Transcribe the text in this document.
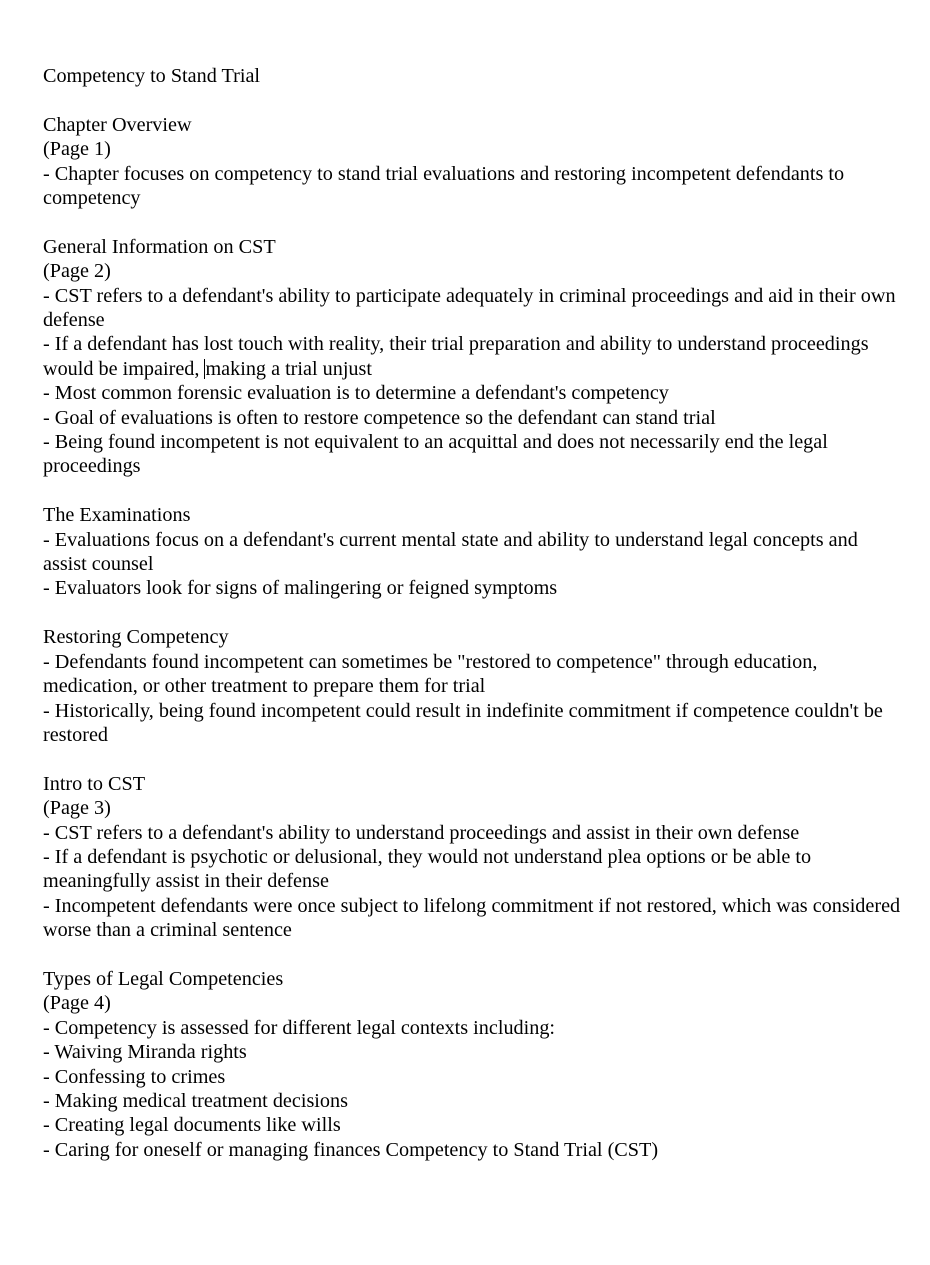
Competency to Stand Trial
Chapter Overview
(Page 1)
- Chapter focuses on competency to stand trial evaluations and restoring incompetent defendants to competency
General Information on CST
(Page 2)
- CST refers to a defendant's ability to participate adequately in criminal proceedings and aid in their own defense
- If a defendant has lost touch with reality, their trial preparation and ability to understand proceedings would be impaired, making a trial unjust
- Most common forensic evaluation is to determine a defendant's competency
- Goal of evaluations is often to restore competence so the defendant can stand trial
- Being found incompetent is not equivalent to an acquittal and does not necessarily end the legal proceedings
The Examinations
- Evaluations focus on a defendant's current mental state and ability to understand legal concepts and assist counsel
- Evaluators look for signs of malingering or feigned symptoms
Restoring Competency
- Defendants found incompetent can sometimes be "restored to competence" through education, medication, or other treatment to prepare them for trial
- Historically, being found incompetent could result in indefinite commitment if competence couldn't be restored
Intro to CST
(Page 3)
- CST refers to a defendant's ability to understand proceedings and assist in their own defense
- If a defendant is psychotic or delusional, they would not understand plea options or be able to meaningfully assist in their defense
- Incompetent defendants were once subject to lifelong commitment if not restored, which was considered worse than a criminal sentence
Types of Legal Competencies
(Page 4)
- Competency is assessed for different legal contexts including:
- Waiving Miranda rights
- Confessing to crimes
- Making medical treatment decisions
- Creating legal documents like wills
- Caring for oneself or managing finances Competency to Stand Trial (CST)
